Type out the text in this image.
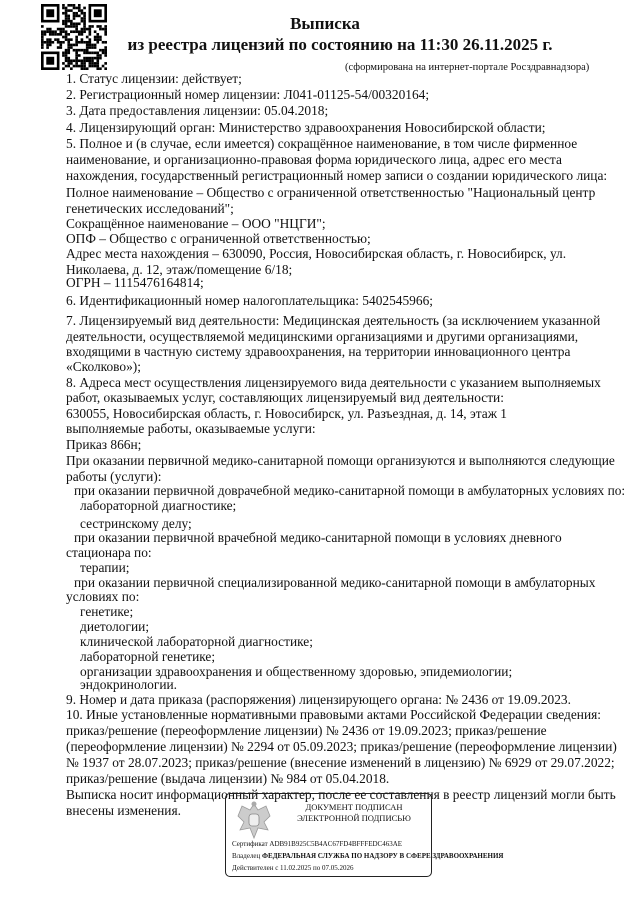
Выписка
из реестра лицензий по состоянию на 11:30 26.11.2025 г.
(сформирована на интернет-портале Росздравнадзора)
1. Статус лицензии: действует;
2. Регистрационный номер лицензии: Л041-01125-54/00320164;
3. Дата предоставления лицензии: 05.04.2018;
4. Лицензирующий орган: Министерство здравоохранения Новосибирской области;
5. Полное и (в случае, если имеется) сокращённое наименование, в том числе фирменное
наименование, и организационно-правовая форма юридического лица, адрес его места
нахождения, государственный регистрационный номер записи о создании юридического лица:
Полное наименование – Общество с ограниченной ответственностью "Национальный центр
генетических исследований";
Сокращённое наименование – ООО "НЦГИ";
ОПФ – Общество с ограниченной ответственностью;
Адрес места нахождения – 630090, Россия, Новосибирская область, г. Новосибирск, ул.
Николаева, д. 12, этаж/помещение 6/18;
ОГРН – 1115476164814;
6. Идентификационный номер налогоплательщика: 5402545966;
7. Лицензируемый вид деятельности: Медицинская деятельность (за исключением указанной
деятельности, осуществляемой медицинскими организациями и другими организациями,
входящими в частную систему здравоохранения, на территории инновационного центра
«Сколково»);
8. Адреса мест осуществления лицензируемого вида деятельности с указанием выполняемых
работ, оказываемых услуг, составляющих лицензируемый вид деятельности:
630055, Новосибирская область, г. Новосибирск, ул. Разъездная, д. 14, этаж 1
выполняемые работы, оказываемые услуги:
Приказ 866н;
При оказании первичной медико-санитарной помощи организуются и выполняются следующие
работы (услуги):
при оказании первичной доврачебной медико-санитарной помощи в амбулаторных условиях по:
лабораторной диагностике;
сестринскому делу;
при оказании первичной врачебной медико-санитарной помощи в условиях дневного
стационара по:
терапии;
при оказании первичной специализированной медико-санитарной помощи в амбулаторных
условиях по:
генетике;
диетологии;
клинической лабораторной диагностике;
лабораторной генетике;
организации здравоохранения и общественному здоровью, эпидемиологии;
эндокринологии.
9. Номер и дата приказа (распоряжения) лицензирующего органа: № 2436 от 19.09.2023.
10. Иные установленные нормативными правовыми актами Российской Федерации сведения:
приказ/решение (переоформление лицензии) № 2436 от 19.09.2023; приказ/решение
(переоформление лицензии) № 2294 от 05.09.2023; приказ/решение (переоформление лицензии)
№ 1937 от 28.07.2023; приказ/решение (внесение изменений в лицензию) № 6929 от 29.07.2022;
приказ/решение (выдача лицензии) № 984 от 05.04.2018.
Выписка носит информационный характер, после ее составления в реестр лицензий могли быть
внесены изменения.	ДОКУМЕНТ ПОДПИСАН
ЭЛЕКТРОННОЙ ПОДПИСЬЮ
Сертификат ADB91B925C5B4AC67FD4BFFFEDC463AE
Владелец ФЕДЕРАЛЬНАЯ СЛУЖБА ПО НАДЗОРУ В СФЕРЕ ЗДРАВООХРАНЕНИЯ
Действителен с 11.02.2025 по 07.05.2026
